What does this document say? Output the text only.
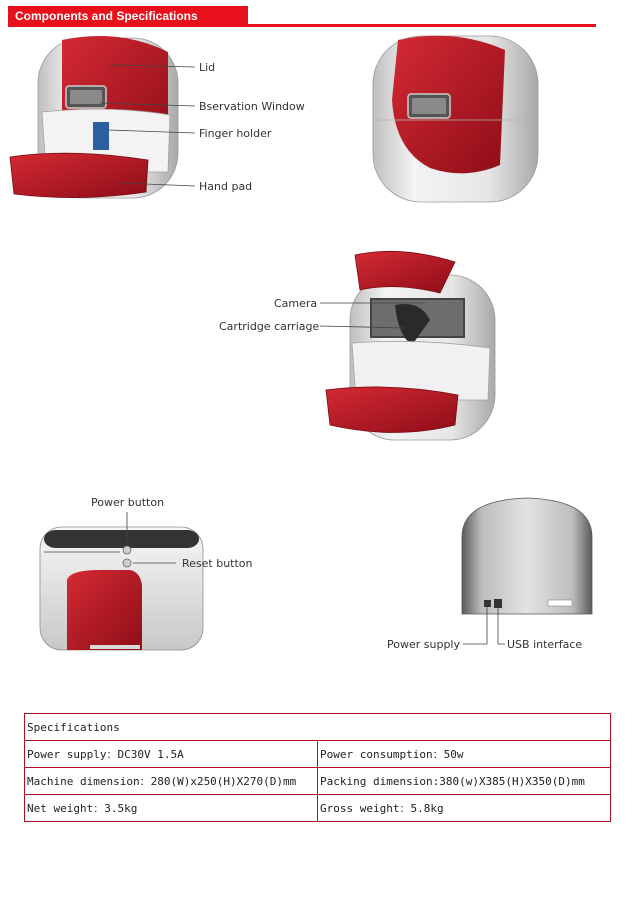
Components and Specifications
Lid
Bservation Window
Finger holder
Hand pad
Camera
Cartridge carriage
Power button
Reset button
Power supply	USB interface
Specifications	
Power supply：DC30V 1.5A	Power consumption：50w
Machine dimension：280(W)x250(H)X270(D)mm	Packing dimension:380(w)X385(H)X350(D)mm
Net weight：3.5kg	Gross weight：5.8kg
